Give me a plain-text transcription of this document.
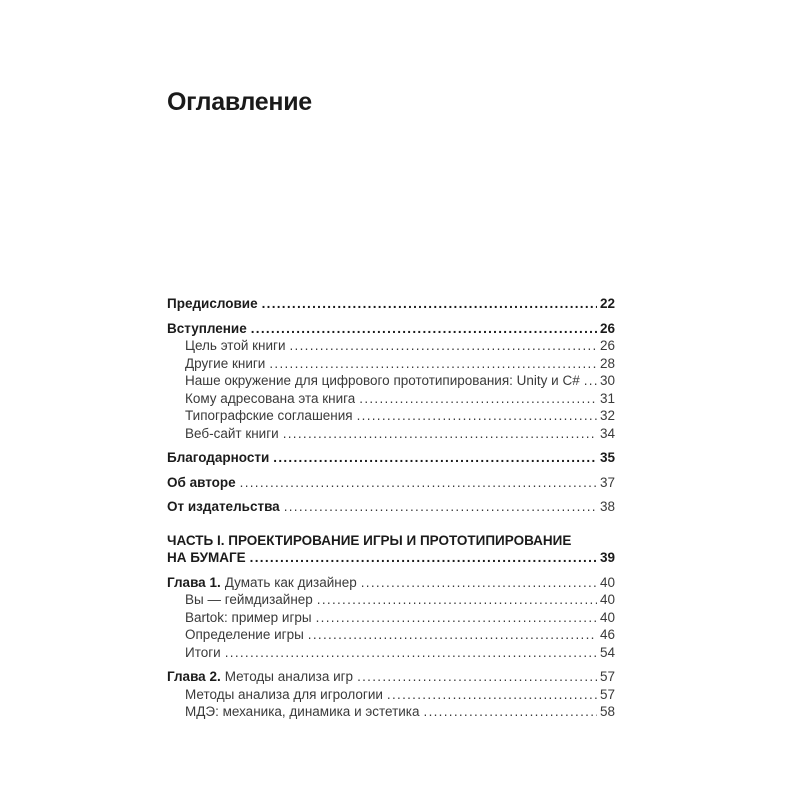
Оглавление
Предисловие .....	22
Вступление .....	26
Цель этой книги .....	26
Другие книги .....	28
Наше окружение для цифрового прототипирования: Unity и C# ..... 30
Кому адресована эта книга .....	31
Типографские соглашения .....	32
Веб-сайт книги .....	34
Благодарности .....	35
Об авторе .....	37
От издательства .....	38
ЧАСТЬ I. ПРОЕКТИРОВАНИЕ ИГРЫ И ПРОТОТИПИРОВАНИЕ
НА БУМАГЕ .....	39
Глава 1. Думать как дизайнер .....	40
Вы — геймдизайнер .....	40
Bartok: пример игры .....	40
Определение игры .....	46
Итоги .....	54
Глава 2. Методы анализа игр .....	57
Методы анализа для игрологии .....	57
МДЭ: механика, динамика и эстетика .....	58
